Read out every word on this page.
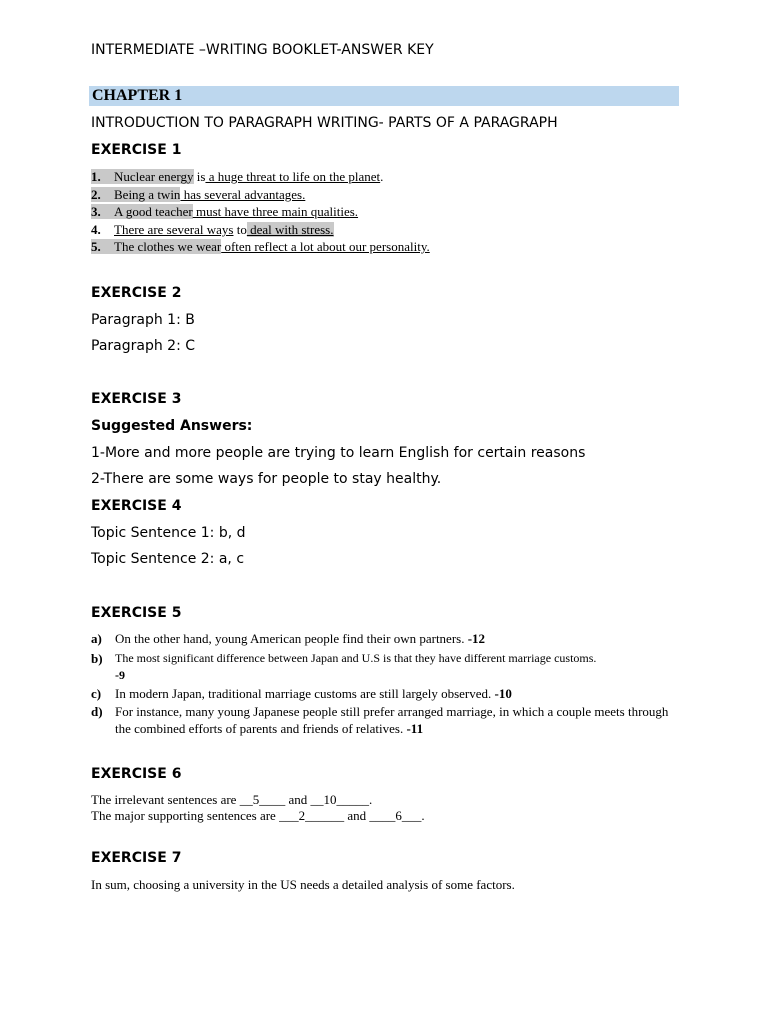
INTERMEDIATE –WRITING BOOKLET-ANSWER KEY
CHAPTER 1
INTRODUCTION TO PARAGRAPH WRITING- PARTS OF A PARAGRAPH
EXERCISE 1
1. Nuclear energy is a huge threat to life on the planet.
2. Being a twin has several advantages.
3. A good teacher must have three main qualities.
4. There are several ways to deal with stress.
5. The clothes we wear often reflect a lot about our personality.
EXERCISE 2
Paragraph 1: B
Paragraph 2: C
EXERCISE 3
Suggested Answers:
1-More and more people are trying to learn English for certain reasons
2-There are some ways for people to stay healthy.
EXERCISE 4
Topic Sentence 1: b, d
Topic Sentence 2: a, c
EXERCISE 5
a)	On the other hand, young American people find their own partners. -12
b)	The most significant difference between Japan and U.S is that they have different marriage customs.
-9
c)	In modern Japan, traditional marriage customs are still largely observed. -10
d) For instance, many young Japanese people still prefer arranged marriage, in which a couple meets through the combined efforts of parents and friends of relatives. -11
EXERCISE 6
The irrelevant sentences are __5____ and __10_____.
The major supporting sentences are ___2______ and ____6___.
EXERCISE 7
In sum, choosing a university in the US needs a detailed analysis of some factors.
